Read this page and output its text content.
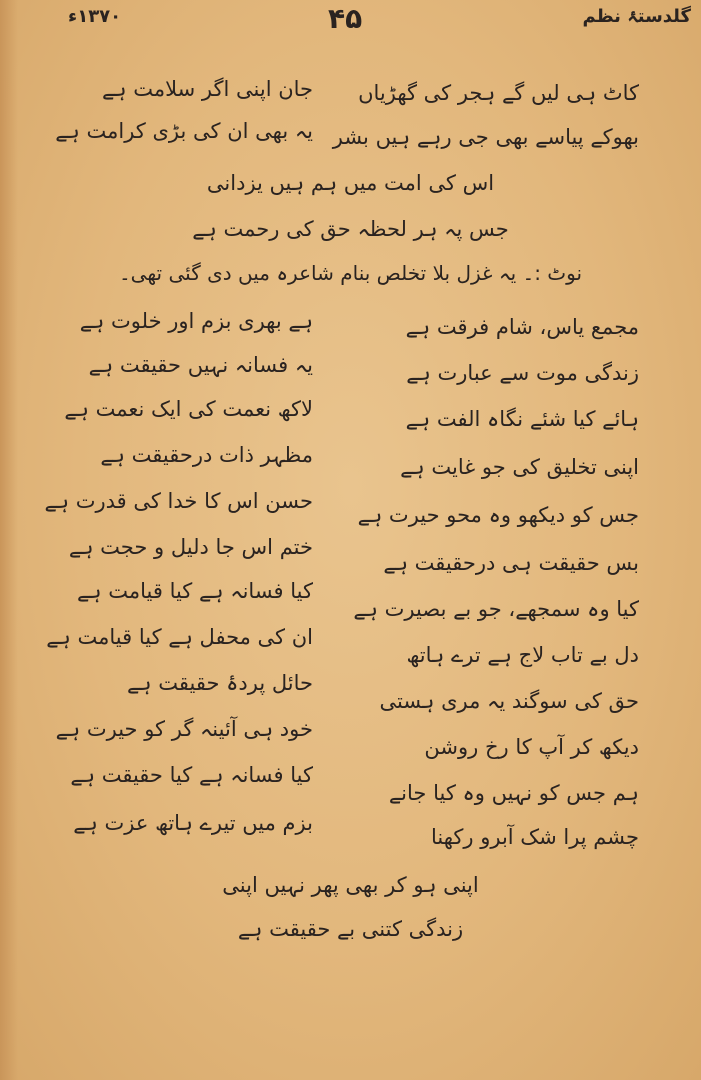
۱۳۷۰ء	۴۵	گلدستۂ نظم
کاٹ ہی لیں گے ہجر کی گھڑیاں
جان اپنی اگر سلامت ہے
بھوکے پیاسے بھی جی رہے ہیں بشر
یہ بھی ان کی بڑی کرامت ہے
اس کی امت میں ہم ہیں یزدانی
جس پہ ہر لحظہ حق کی رحمت ہے
نوٹ :۔ یہ غزل بلا تخلص بنام شاعرہ میں دی گئی تھی۔
مجمع یاس، شام فرقت ہے
ہے بھری بزم اور خلوت ہے
زندگی موت سے عبارت ہے
یہ فسانہ نہیں حقیقت ہے
ہائے کیا شئے نگاہ الفت ہے
لاکھ نعمت کی ایک نعمت ہے
اپنی تخلیق کی جو غایت ہے
مظہر ذات درحقیقت ہے
جس کو دیکھو وہ محو حیرت ہے
حسن اس کا خدا کی قدرت ہے
بس حقیقت ہی درحقیقت ہے
ختم اس جا دلیل و حجت ہے
کیا وہ سمجھے، جو بے بصیرت ہے
کیا فسانہ ہے کیا قیامت ہے
دل بے تاب لاج ہے ترے ہاتھ
ان کی محفل ہے کیا قیامت ہے
حق کی سوگند یہ مری ہستی
حائل پردۂ حقیقت ہے
دیکھ کر آپ کا رخ روشن
خود ہی آئینہ گر کو حیرت ہے
ہم جس کو نہیں وہ کیا جانے
کیا فسانہ ہے کیا حقیقت ہے
چشم پرا شک آبرو رکھنا
بزم میں تیرے ہاتھ عزت ہے
اپنی ہو کر بھی پھر نہیں اپنی
زندگی کتنی بے حقیقت ہے
